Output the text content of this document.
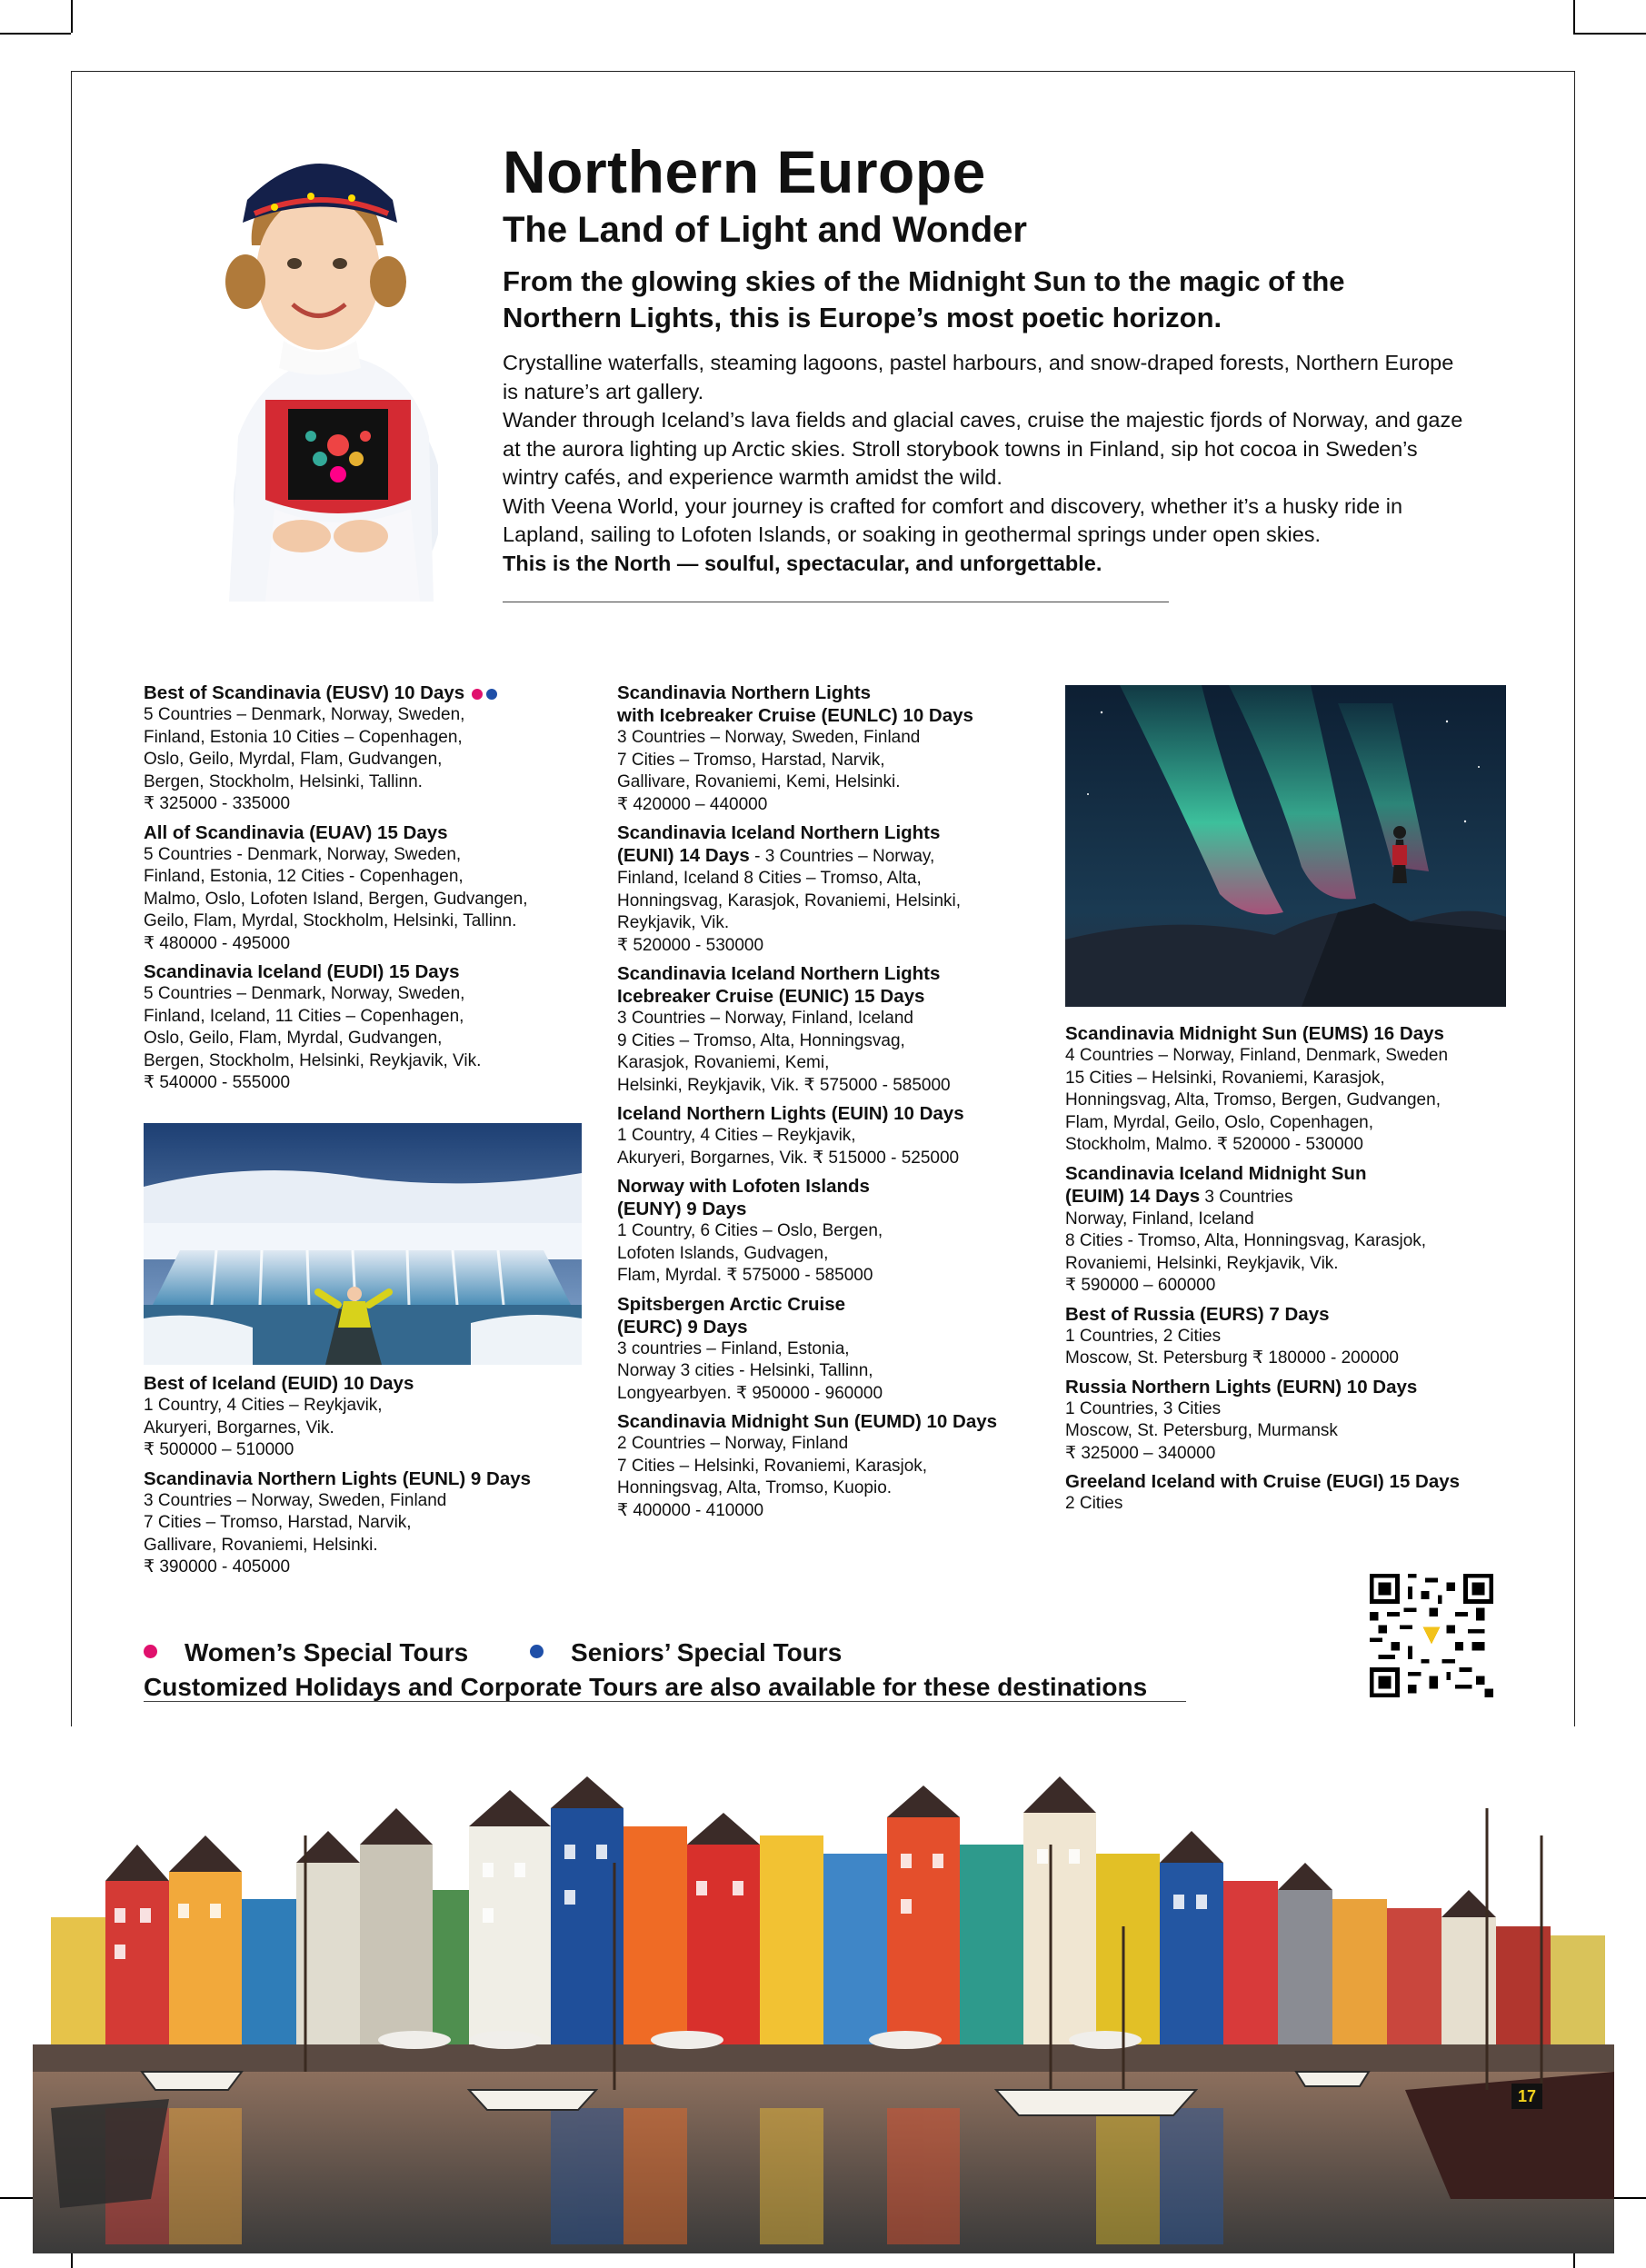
Northern Europe
The Land of Light and Wonder
From the glowing skies of the Midnight Sun to the magic of the Northern Lights, this is Europe’s most poetic horizon.

Crystalline waterfalls, steaming lagoons, pastel harbours, and snow-draped forests, Northern Europe is nature’s art gallery.

Wander through Iceland’s lava fields and glacial caves, cruise the majestic fjords of Norway, and gaze at the aurora lighting up Arctic skies. Stroll storybook towns in Finland, sip hot cocoa in Sweden’s wintry cafés, and experience warmth amidst the wild.

With Veena World, your journey is crafted for comfort and discovery, whether it’s a husky ride in Lapland, sailing to Lofoten Islands, or soaking in geothermal springs under open skies.

This is the North — soulful, spectacular, and unforgettable.

Best of Scandinavia (EUSV) 10 Days
5 Countries – Denmark, Norway, Sweden,
Finland, Estonia 10 Cities – Copenhagen,
Oslo, Geilo, Myrdal, Flam, Gudvangen,
Bergen, Stockholm, Helsinki, Tallinn.
₹ 325000 - 335000
All of Scandinavia (EUAV) 15 Days
5 Countries - Denmark, Norway, Sweden,
Finland, Estonia, 12 Cities - Copenhagen,
Malmo, Oslo, Lofoten Island, Bergen, Gudvangen,
Geilo, Flam, Myrdal, Stockholm, Helsinki, Tallinn.
₹ 480000 - 495000
Scandinavia Iceland (EUDI) 15 Days
5 Countries – Denmark, Norway, Sweden,
Finland, Iceland, 11 Cities – Copenhagen,
Oslo, Geilo, Flam, Myrdal, Gudvangen,
Bergen, Stockholm, Helsinki, Reykjavik, Vik.
₹ 540000 - 555000
Best of Iceland (EUID) 10 Days
1 Country, 4 Cities – Reykjavik,
Akuryeri, Borgarnes, Vik.
₹ 500000 – 510000
Scandinavia Northern Lights (EUNL) 9 Days
3 Countries – Norway, Sweden, Finland
7 Cities – Tromso, Harstad, Narvik,
Gallivare, Rovaniemi, Helsinki.
₹ 390000 - 405000
Scandinavia Northern Lights
with Icebreaker Cruise (EUNLC) 10 Days
3 Countries – Norway, Sweden, Finland
7 Cities – Tromso, Harstad, Narvik,
Gallivare, Rovaniemi, Kemi, Helsinki.
₹ 420000 – 440000
Scandinavia Iceland Northern Lights
(EUNI) 14 Days - 3 Countries – Norway,
Finland, Iceland 8 Cities – Tromso, Alta,
Honningsvag, Karasjok, Rovaniemi, Helsinki,
Reykjavik, Vik.
₹ 520000 - 530000
Scandinavia Iceland Northern Lights
Icebreaker Cruise (EUNIC) 15 Days
3 Countries – Norway, Finland, Iceland
9 Cities – Tromso, Alta, Honningsvag,
Karasjok, Rovaniemi, Kemi,
Helsinki, Reykjavik, Vik. ₹ 575000 - 585000
Iceland Northern Lights (EUIN) 10 Days
1 Country, 4 Cities – Reykjavik,
Akuryeri, Borgarnes, Vik. ₹ 515000 - 525000
Norway with Lofoten Islands
(EUNY) 9 Days
1 Country, 6 Cities – Oslo, Bergen,
Lofoten Islands, Gudvagen,
Flam, Myrdal. ₹ 575000 - 585000
Spitsbergen Arctic Cruise
(EURC) 9 Days
3 countries – Finland, Estonia,
Norway 3 cities - Helsinki, Tallinn,
Longyearbyen. ₹ 950000 - 960000
Scandinavia Midnight Sun (EUMD) 10 Days
2 Countries – Norway, Finland
7 Cities – Helsinki, Rovaniemi, Karasjok,
Honningsvag, Alta, Tromso, Kuopio.
₹ 400000 - 410000
Scandinavia Midnight Sun (EUMS) 16 Days
4 Countries – Norway, Finland, Denmark, Sweden
15 Cities – Helsinki, Rovaniemi, Karasjok,
Honningsvag, Alta, Tromso, Bergen, Gudvangen,
Flam, Myrdal, Geilo, Oslo, Copenhagen,
Stockholm, Malmo. ₹ 520000 - 530000
Scandinavia Iceland Midnight Sun
(EUIM) 14 Days 3 Countries
Norway, Finland, Iceland
8 Cities - Tromso, Alta, Honningsvag, Karasjok,
Rovaniemi, Helsinki, Reykjavik, Vik.
₹ 590000 – 600000
Best of Russia (EURS) 7 Days
1 Countries, 2 Cities
Moscow, St. Petersburg ₹ 180000 - 200000
Russia Northern Lights (EURN) 10 Days
1 Countries, 3 Cities
Moscow, St. Petersburg, Murmansk
₹ 325000 – 340000
Greeland Iceland with Cruise (EUGI) 15 Days
2 Cities
Women’s Special Tours	Seniors’ Special Tours
Customized Holidays and Corporate Tours are also available for these destinations
17
